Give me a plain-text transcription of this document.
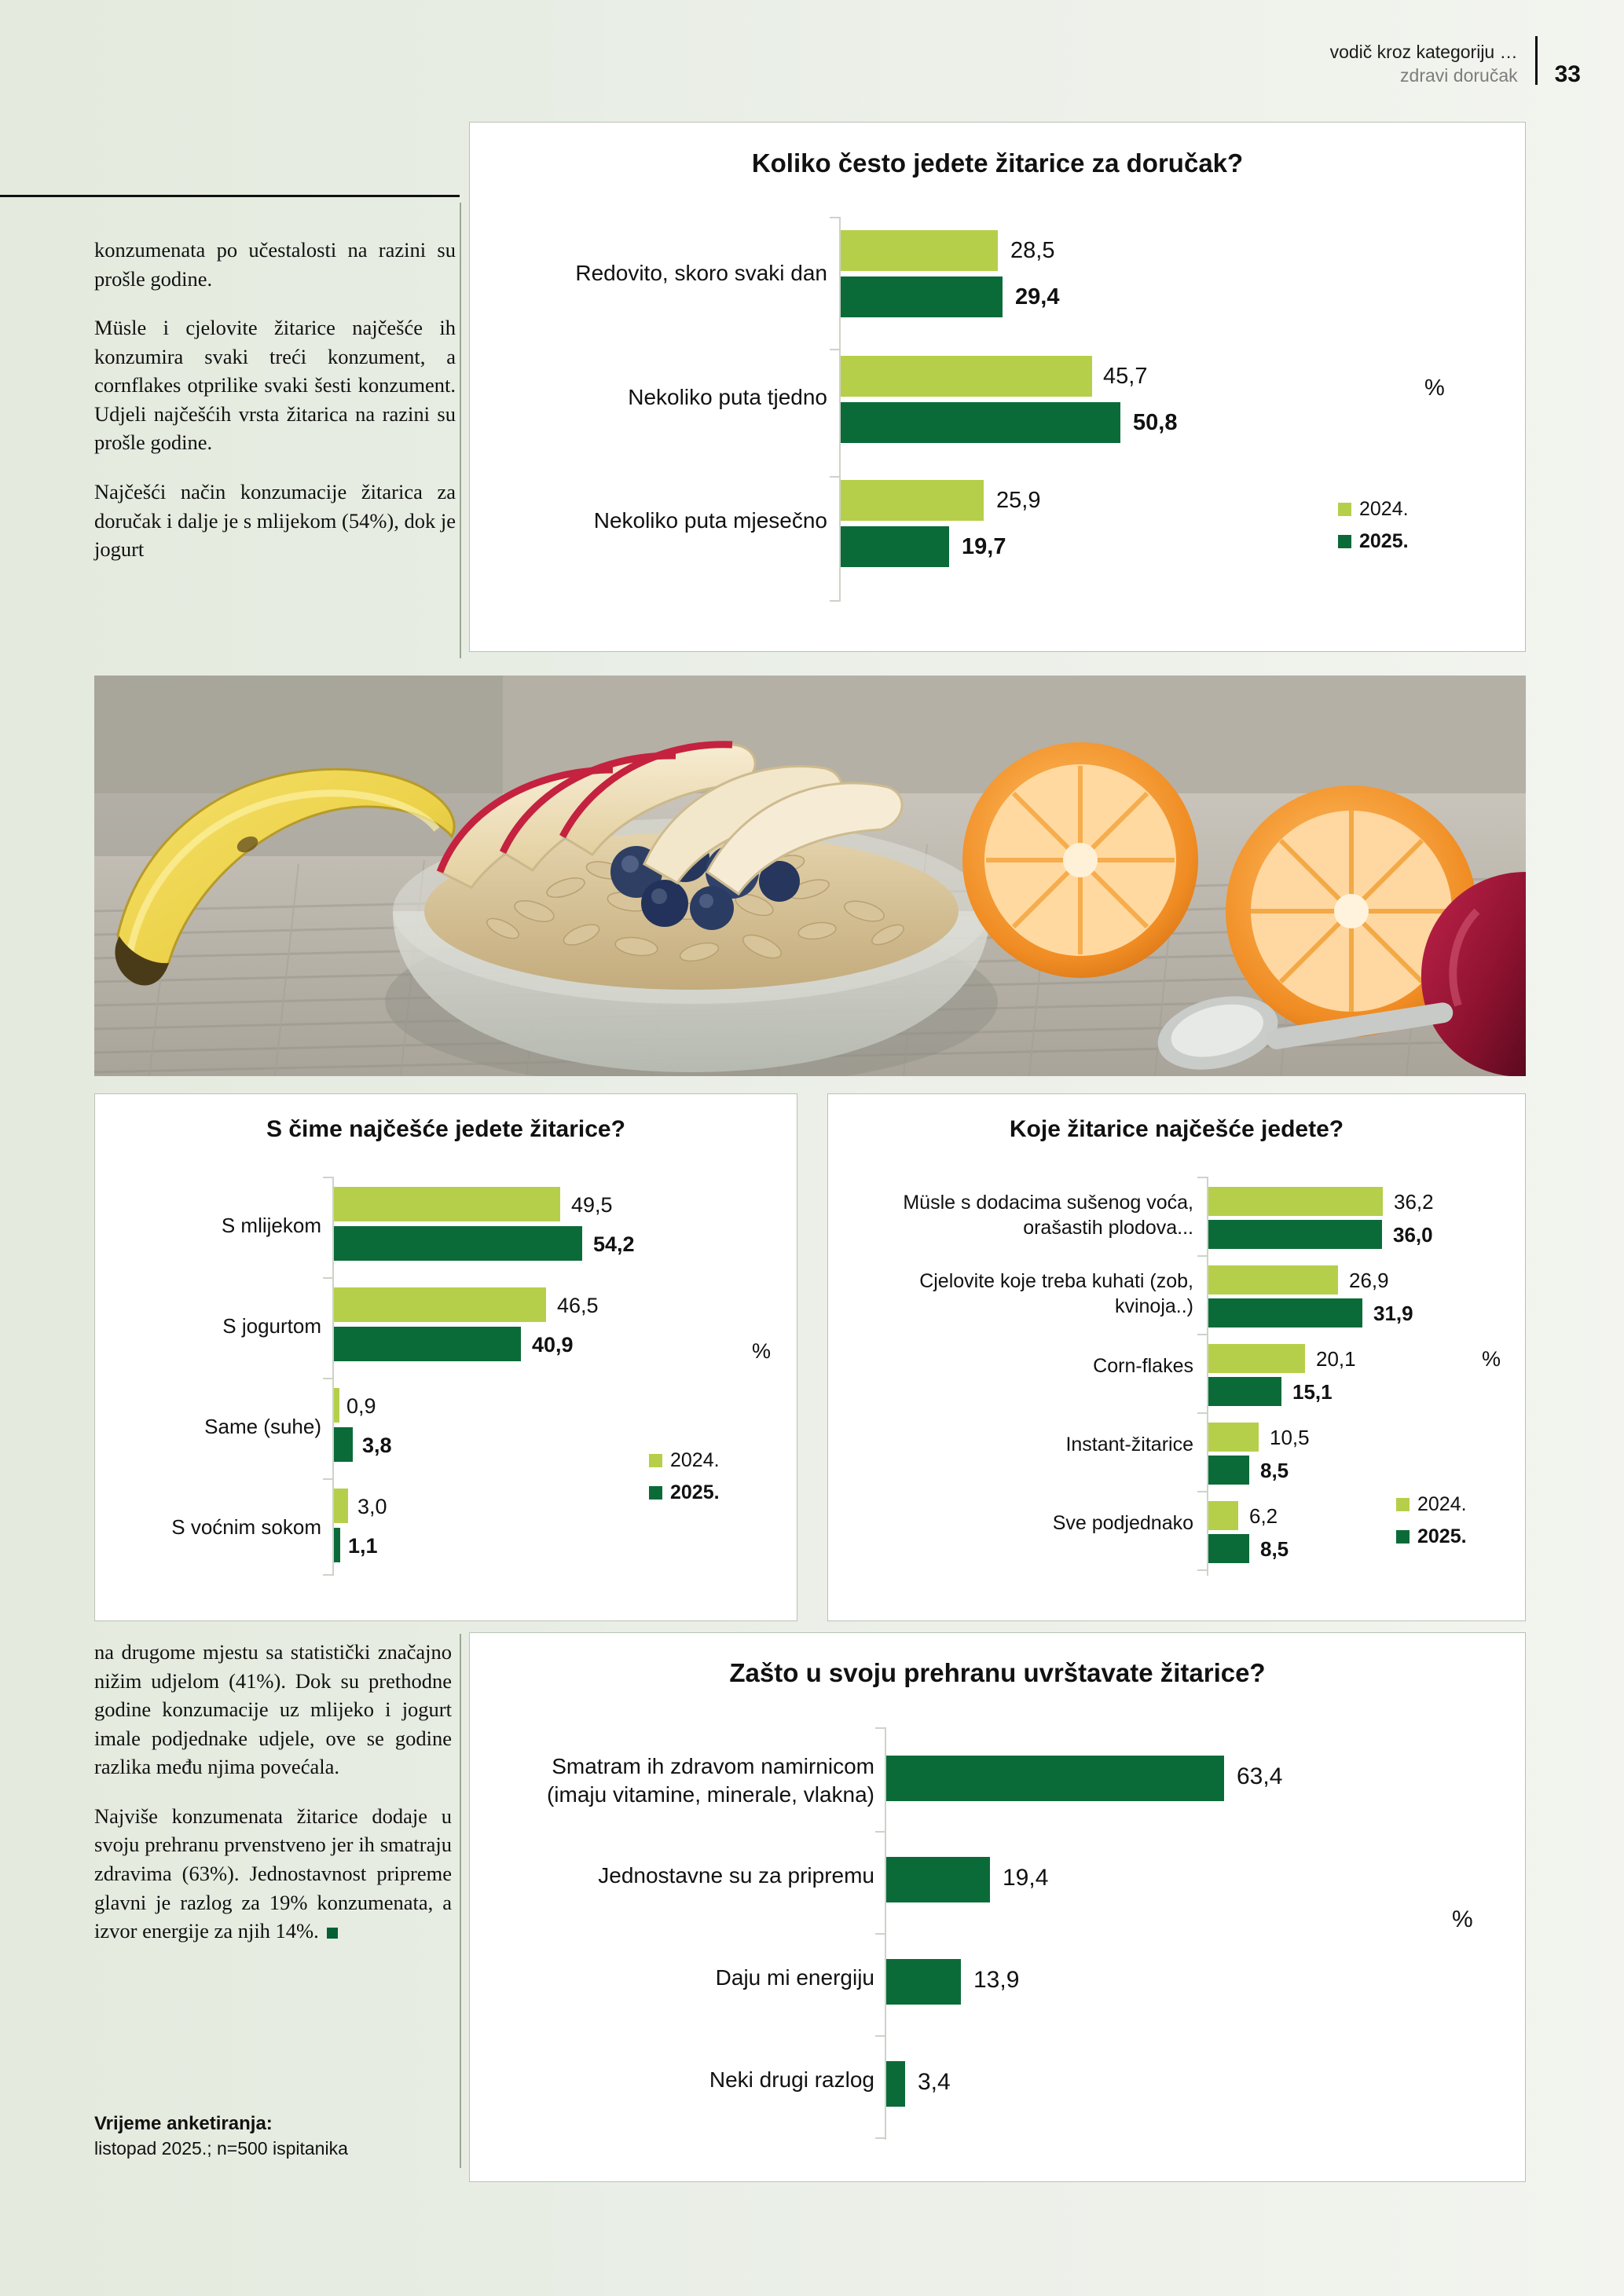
vodič kroz kategoriju …
zdravi doručak	33

konzumenata po učestalosti na razini su prošle godine.

Müsle i cjelovite žitarice najčešće ih konzumira svaki treći konzument, a cornflakes otprilike svaki šesti konzument. Udjeli najčešćih vrsta žitarica na razini su prošle godine.

Najčešći način konzumacije žitarica za doručak i dalje je s mlijekom (54%), dok je jogurt

Koliko često jedete žitarice za doručak?
Redovito, skoro svaki dan
28,5
29,4
Nekoliko puta tjedno
45,7
50,8
Nekoliko puta mjesečno
25,9
19,7
%
2024.
2025.
S čime najčešće jedete žitarice?
S mlijekom
49,5
54,2
S jogurtom
46,5
40,9
Same (suhe)
0,9
3,8
S voćnim sokom
3,0
1,1
%
2024.
2025.
Koje žitarice najčešće jedete?
Müsle s dodacima sušenog voća, orašastih plodova...
36,2
36,0
Cjelovite koje treba kuhati (zob, kvinoja..)
26,9
31,9
Corn-flakes	20,1
15,1
Instant-žitarice	10,5
8,5
Sve podjednako	6,2
8,5
%
2024.
2025.

na drugome mjestu sa statistički značajno nižim udjelom (41%). Dok su prethodne godine konzumacije uz mlijeko i jogurt imale podjednake udjele, ove se godine razlika među njima povećala.

Najviše konzumenata žitarice dodaje u svoju prehranu prvenstveno jer ih smatraju zdravima (63%). Jednostavnost pripreme glavni je razlog za 19% konzumenata, a izvor energije za njih 14%.

Vrijeme anketiranja:
listopad 2025.; n=500 ispitanika
Zašto u svoju prehranu uvrštavate žitarice?
Smatram ih zdravom namirnicom (imaju vitamine, minerale, vlakna)
63,4
Jednostavne su za pripremu	19,4
Daju mi energiju	13,9
Neki drugi razlog 3,4
%
